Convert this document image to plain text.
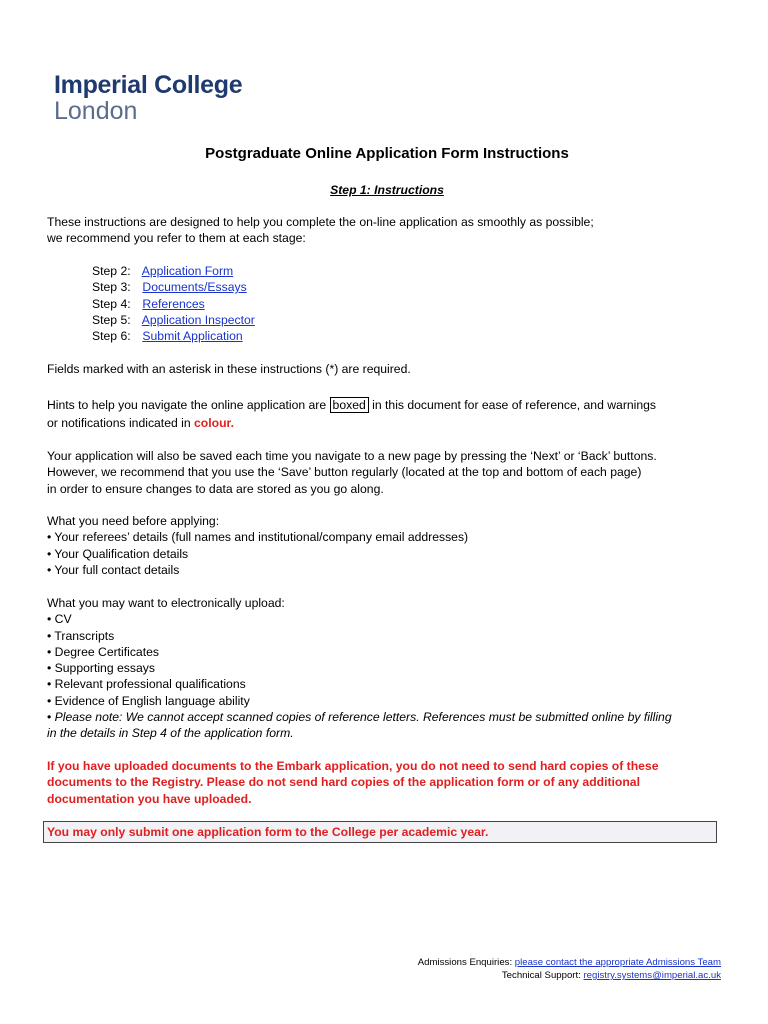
Imperial College
London
Postgraduate Online Application Form Instructions
Step 1: Instructions
These instructions are designed to help you complete the on-line application as smoothly as possible;
we recommend you refer to them at each stage:
Step 2: Application Form
Step 3: Documents/Essays
Step 4: References
Step 5: Application Inspector
Step 6: Submit Application
Fields marked with an asterisk in these instructions (*) are required.
Hints to help you navigate the online application are boxed in this document for ease of reference, and warnings
or notifications indicated in colour.
Your application will also be saved each time you navigate to a new page by pressing the ‘Next’ or ‘Back’ buttons.
However, we recommend that you use the ‘Save’ button regularly (located at the top and bottom of each page)
in order to ensure changes to data are stored as you go along.
What you need before applying:
• Your referees’ details (full names and institutional/company email addresses)
• Your Qualification details
• Your full contact details
What you may want to electronically upload:
• CV
• Transcripts
• Degree Certificates
• Supporting essays
• Relevant professional qualifications
• Evidence of English language ability
• Please note: We cannot accept scanned copies of reference letters. References must be submitted online by filling
in the details in Step 4 of the application form.
If you have uploaded documents to the Embark application, you do not need to send hard copies of these
documents to the Registry. Please do not send hard copies of the application form or of any additional
documentation you have uploaded.
You may only submit one application form to the College per academic year.
Admissions Enquiries: please contact the appropriate Admissions Team
Technical Support: registry.systems@imperial.ac.uk
